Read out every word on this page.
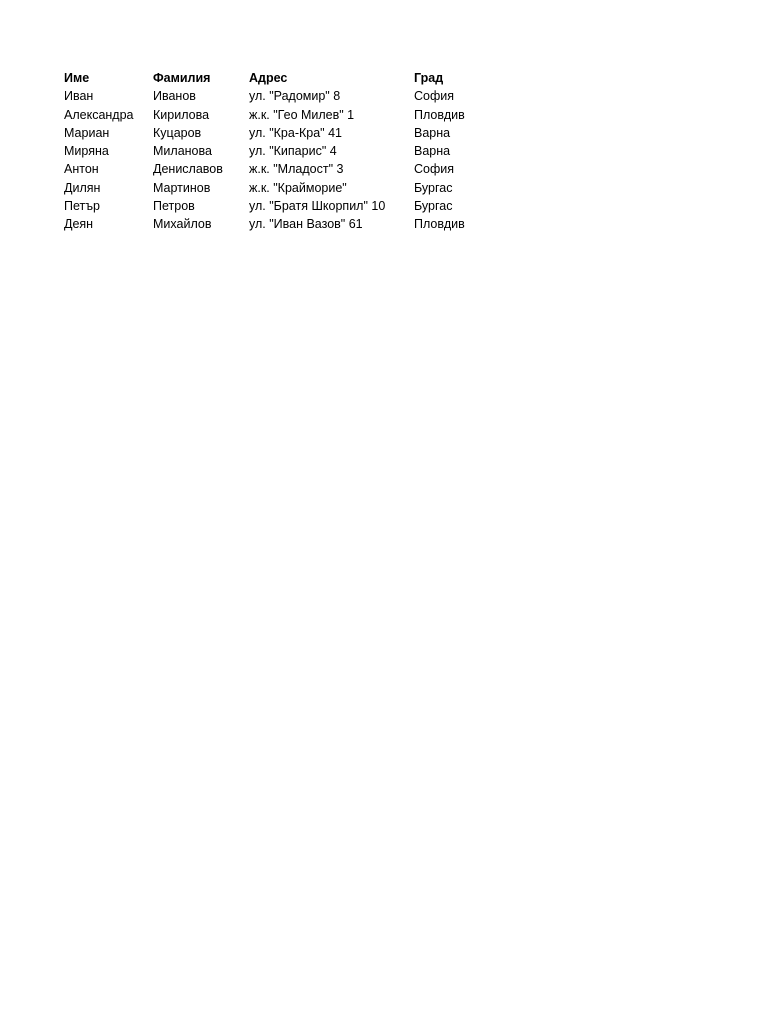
Име	Фамилия	Адрес	Град
Иван	Иванов	ул. "Радомир" 8	София
Александра	Кирилова	ж.к. "Гео Милев" 1	Пловдив
Мариан	Куцаров	ул. "Кра-Кра" 41	Варна
Миряна	Миланова	ул. "Кипарис" 4	Варна
Антон	Дениславов	ж.к. "Младост" 3	София
Дилян	Мартинов	ж.к. "Крайморие"	Бургас
Петър	Петров	ул. "Братя Шкорпил" 10	Бургас
Деян	Михайлов	ул. "Иван Вазов" 61	Пловдив
